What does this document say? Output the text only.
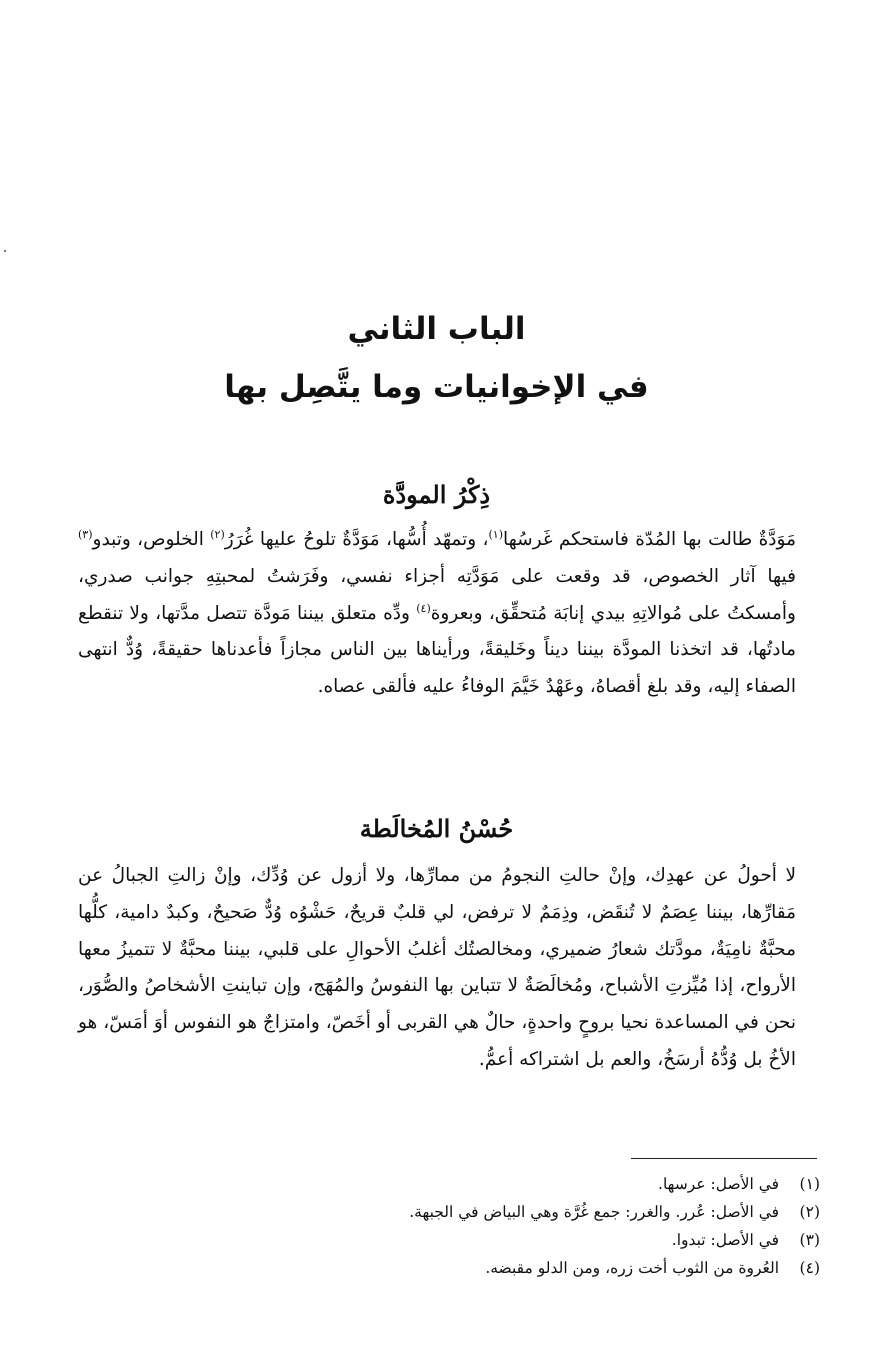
الباب الثاني
في الإخوانيات وما يتَّصِل بها
ذِكْرُ المودَّة
مَوَدَّةٌ طالت بها المُدّة فاستحكم غَرسُها$^{(١)}$، وتمهّد أُسُّها، مَوَدَّةٌ تلوحُ عليها غُرَرُ$^{(٢)}$ الخلوص، وتبدو$^{(٣)}$ فيها آثار الخصوص، قد وقعت على مَوَدَّتِه أجزاء نفسي، وفَرَشتُ لمحبتِهِ جوانب صدري، وأمسكتُ على مُوالاتِهِ بيدي إنابَة مُتحقِّق، وبعروة$^{(٤)}$ ودِّه متعلق بيننا مَودَّة تتصل مدَّتها، ولا تنقطع مادتُها، قد اتخذنا المودَّة بيننا ديناً وخَليقةً، ورأيناها بين الناس مجازاً فأعدناها حقيقةً، وُدٌّ انتهى الصفاء إليه، وقد بلغ أقصاهُ، وعَهْدٌ خَيَّمَ الوفاءُ عليه فألقى عصاه.
حُسْنُ المُخالَطة
لا أحولُ عن عهدِك، وإنْ حالتِ النجومُ من ممارِّها، ولا أزول عن وُدِّك، وإنْ زالتِ الجبالُ عن مَقارِّها، بيننا عِصَمٌ لا تُنقَض، وذِمَمٌ لا ترفض، لي قلبٌ قريحٌ، حَشْوُه وُدٌّ صَحيحٌ، وكبدٌ دامية، كلُّها محبَّةٌ نامِيَةٌ، مودَّتك شعارُ ضميري، ومخالصتُك أغلبُ الأحوالِ على قلبي، بيننا محبَّةٌ لا تتميزُ معها الأرواح، إذا مُيِّزتِ الأشباح، ومُخالَصَةٌ لا تتباين بها النفوسُ والمُهَج، وإن تباينتِ الأشخاصُ والصُّوَر، نحن في المساعدة نحيا بروحٍ واحدةٍ، حالٌ هي القربى أو أخَصّ، وامتزاجٌ هو النفوس أوَ أمَسّ، هو الأخُ بل وُدُّهُ أرسَخُ، والعم بل اشتراكه أعمُّ.
(١) في الأصل: عرسها.
(٢) في الأصل: عُرر. والغرر: جمع غُرَّة وهي البياض في الجبهة.
(٣) في الأصل: تبدوا.
(٤) العُروة من الثوب أخت زره، ومن الدلو مقبضه.
